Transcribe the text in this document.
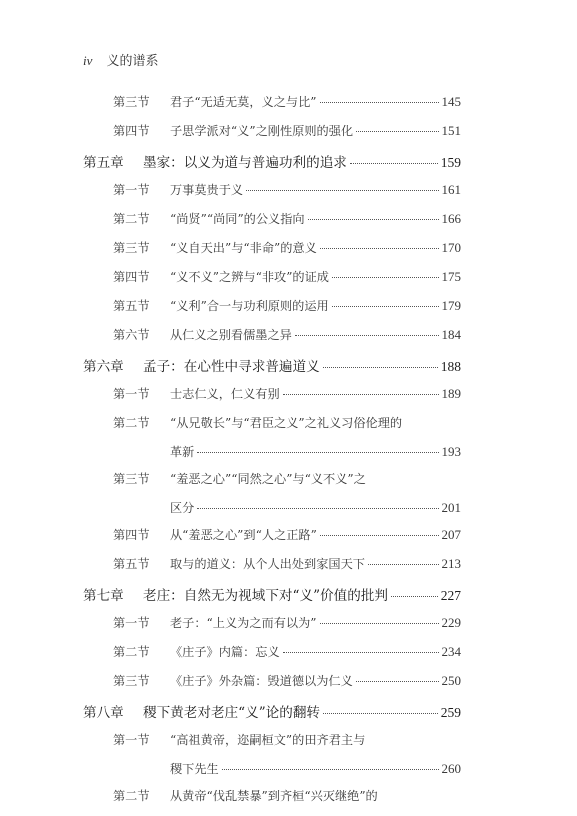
iv 义的谱系
第三节	君子“无适无莫，义之与比”	145
第四节	子思学派对“义”之刚性原则的强化	151
第五章	墨家：以义为道与普遍功利的追求	159
第一节	万事莫贵于义	161
第二节	“尚贤”“尚同”的公义指向	166
第三节	“义自天出”与“非命”的意义	170
第四节	“义不义”之辨与“非攻”的证成	175
第五节	“义利”合一与功利原则的运用	179
第六节	从仁义之别看儒墨之异	184
第六章	孟子：在心性中寻求普遍道义	188
第一节	士志仁义，仁义有别	189
第二节	“从兄敬长”与“君臣之义”之礼义习俗伦理的
革新	193
第三节	“羞恶之心”“同然之心”与“义不义”之
区分	201
第四节	从“羞恶之心”到“人之正路”	207
第五节	取与的道义：从个人出处到家国天下	213
第七章	老庄：自然无为视域下对“义”价值的批判	227
第一节	老子：“上义为之而有以为”	229
第二节	《庄子》内篇：忘义	234
第三节	《庄子》外杂篇：毁道德以为仁义	250
第八章	稷下黄老对老庄“义”论的翻转	259
第一节	“高祖黄帝，迩嗣桓文”的田齐君主与
稷下先生	260
第二节	从黄帝“伐乱禁暴”到齐桓“兴灭继绝”的
